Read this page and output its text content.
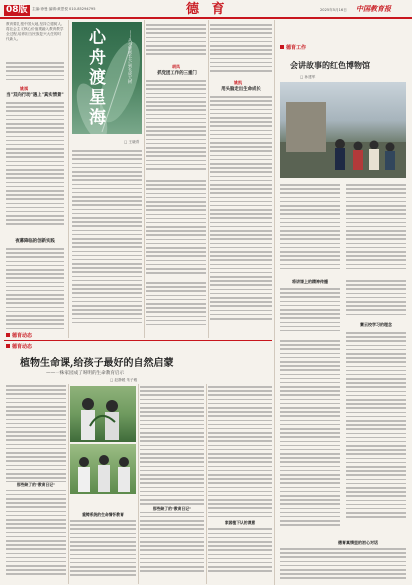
08版	主编:徐曼 编辑:黄思悦 010-85294795	德 育	2025年5月16日 中国教育报
教育要扎根中国大地,坚持立德树人,将社会主义核心价值观融入教育教学全过程,培养担当民族复兴大任的时代新人。
姚祺
当"双向行动"遇上"真实情景"
夜幕降临的创新实践
德育动态
心舟渡星海	——从小时候长大,到长成大树
□ 王晓青
胡凤
抓党团工作的三重门
姚凯
用头脑走出生命成长
德育工作
会讲故事的红色博物馆
□ 孙建军
将讲课上的精神传播
赛云校学习的理念
德育真情里的初心对话
德育动态
植物生命课,给孩子最好的自然启蒙
——一株家园成了呀明的生命教育启示
□ 赵静媛 朱子雅
那些缺了的"教育日记"
重铸系统的生命情怀教育
那些缺了的"教育日记"
家园植下认的课意
